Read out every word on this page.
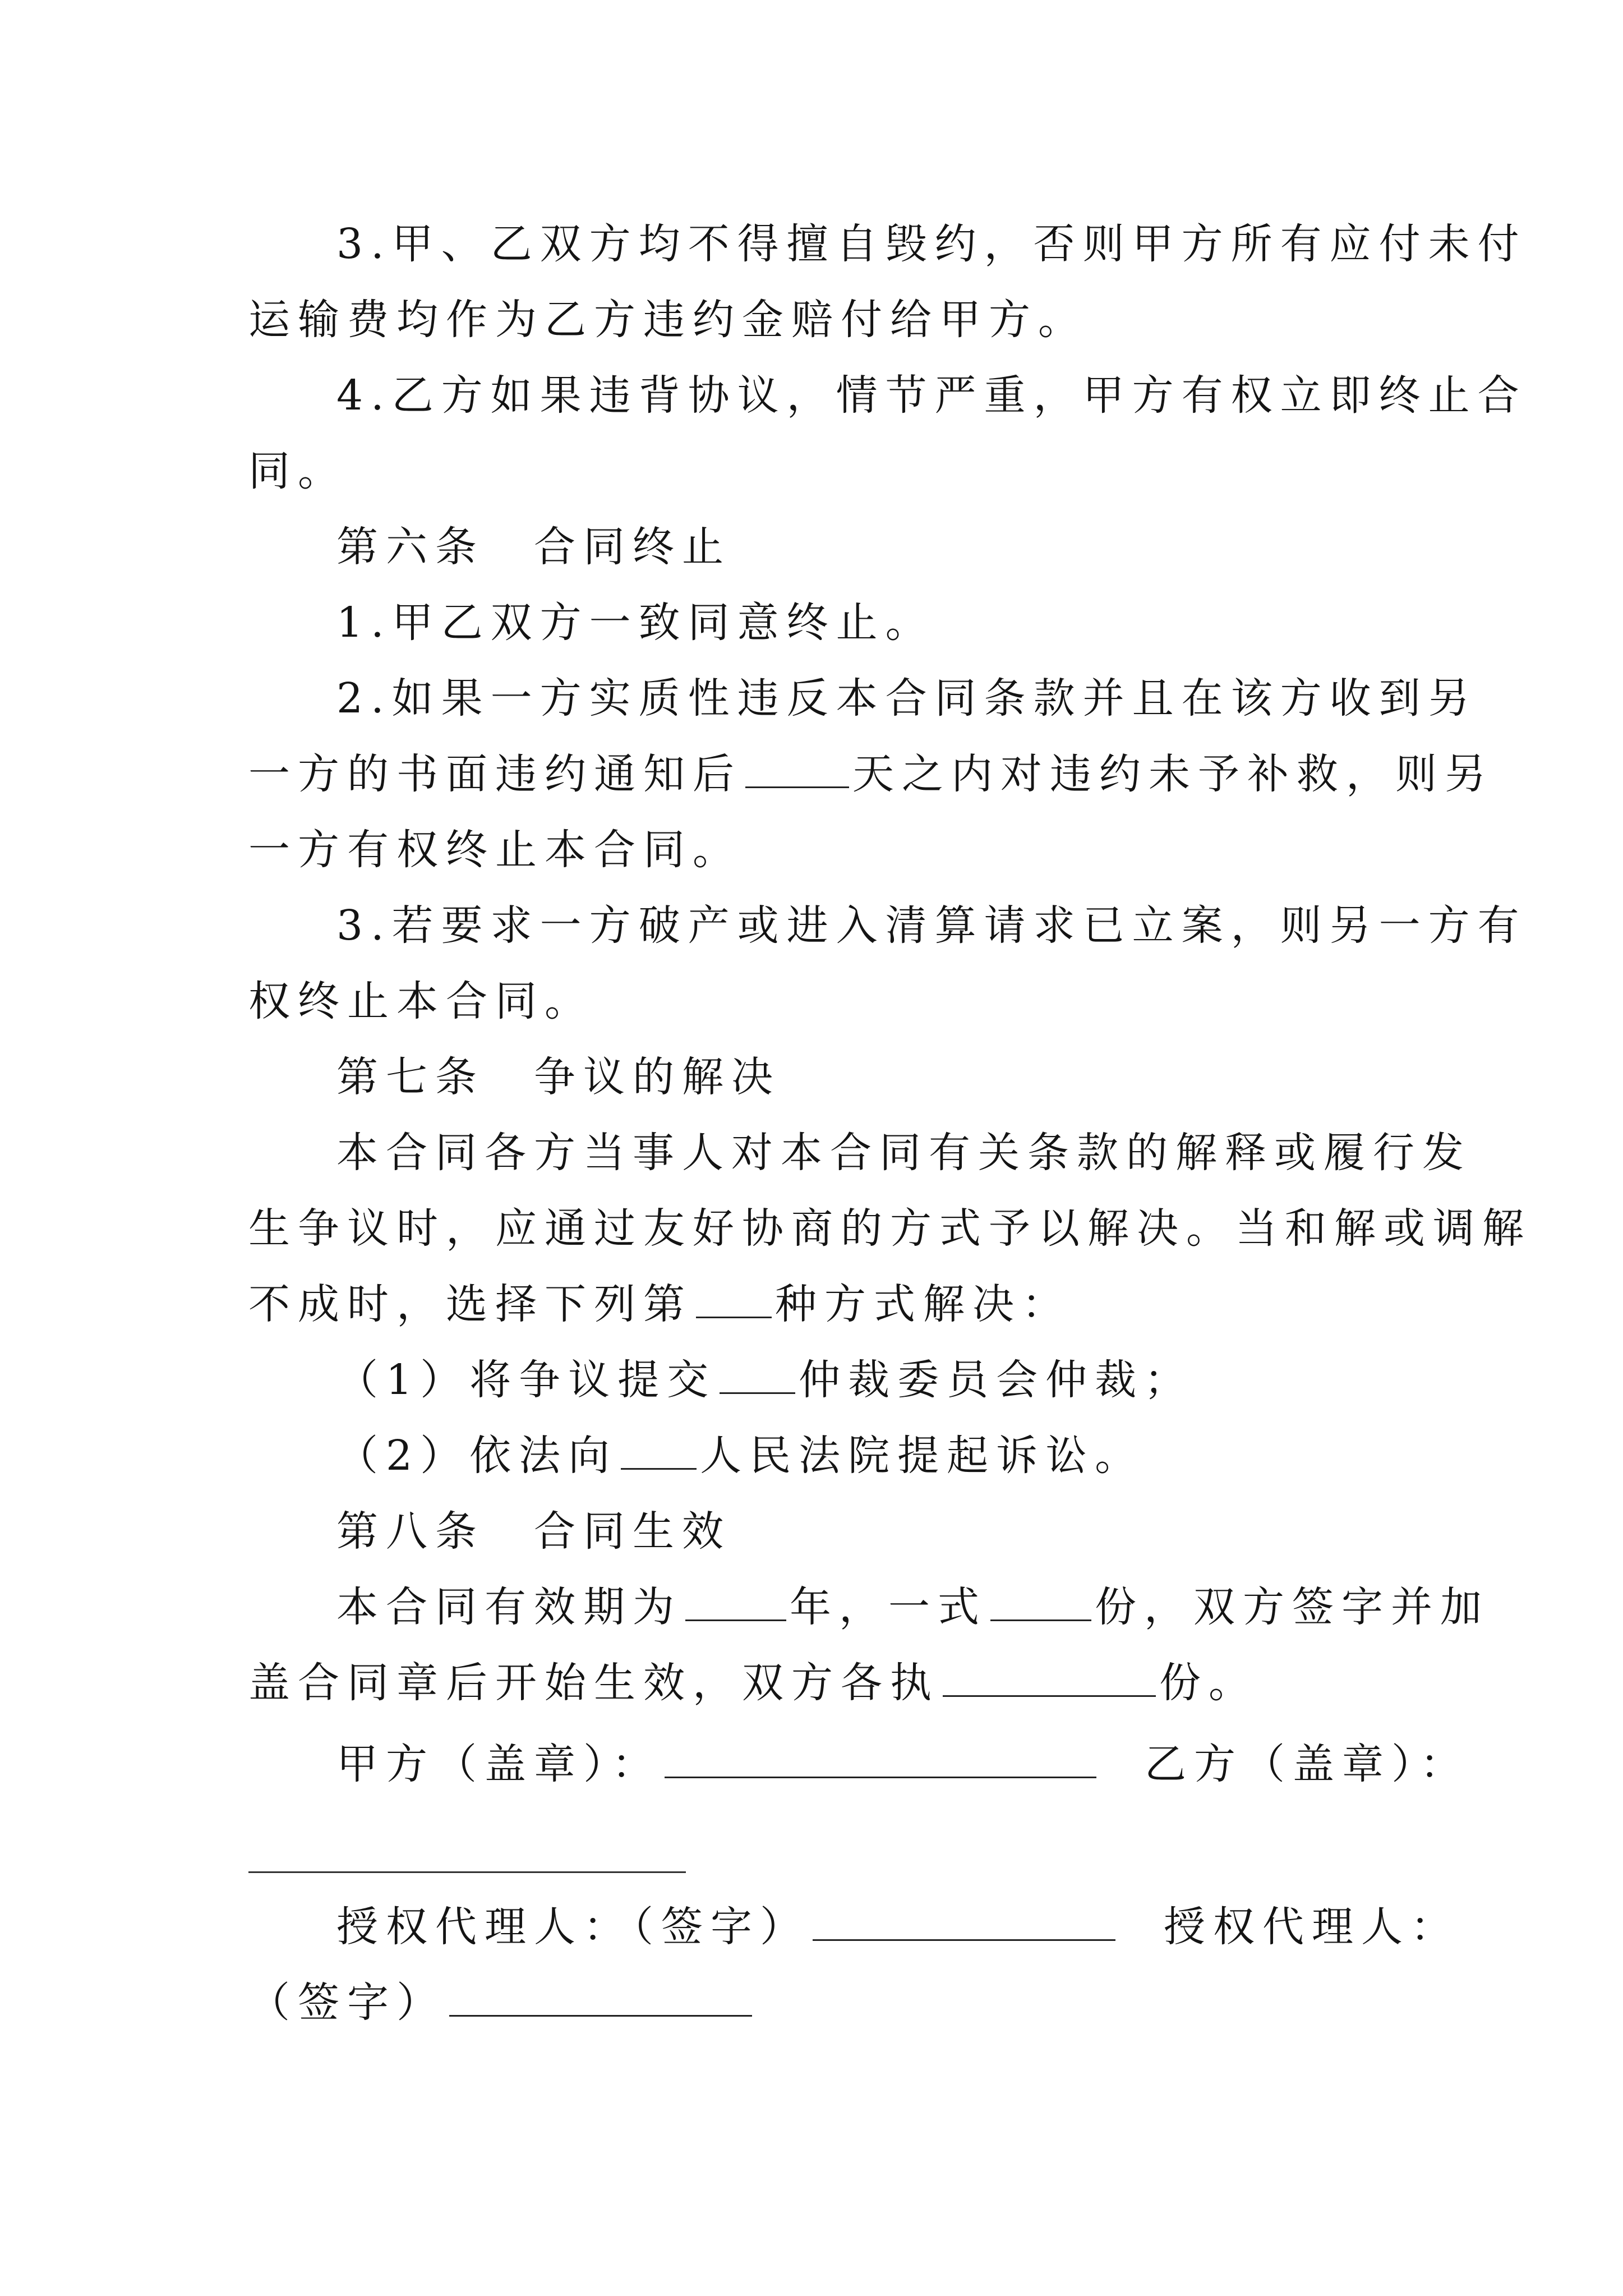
3.甲、乙双方均不得擅自毁约，否则甲方所有应付未付
运输费均作为乙方违约金赔付给甲方。
4.乙方如果违背协议，情节严重，甲方有权立即终止合
同。
第六条　合同终止
1.甲乙双方一致同意终止。
2.如果一方实质性违反本合同条款并且在该方收到另
一方的书面违约通知后	天之内对违约未予补救，则另
一方有权终止本合同。
3.若要求一方破产或进入清算请求已立案，则另一方有
权终止本合同。
第七条　争议的解决
本合同各方当事人对本合同有关条款的解释或履行发
生争议时，应通过友好协商的方式予以解决。当和解或调解
不成时，选择下列第 种方式解决：
（1）将争议提交 仲裁委员会仲裁；
（2）依法向 人民法院提起诉讼。
第八条　合同生效
本合同有效期为	年，一式	份，双方签字并加
盖合同章后开始生效，双方各执	份。
甲方（盖章）：	乙方（盖章）：
授权代理人：（签字）	授权代理人：
（签字）
